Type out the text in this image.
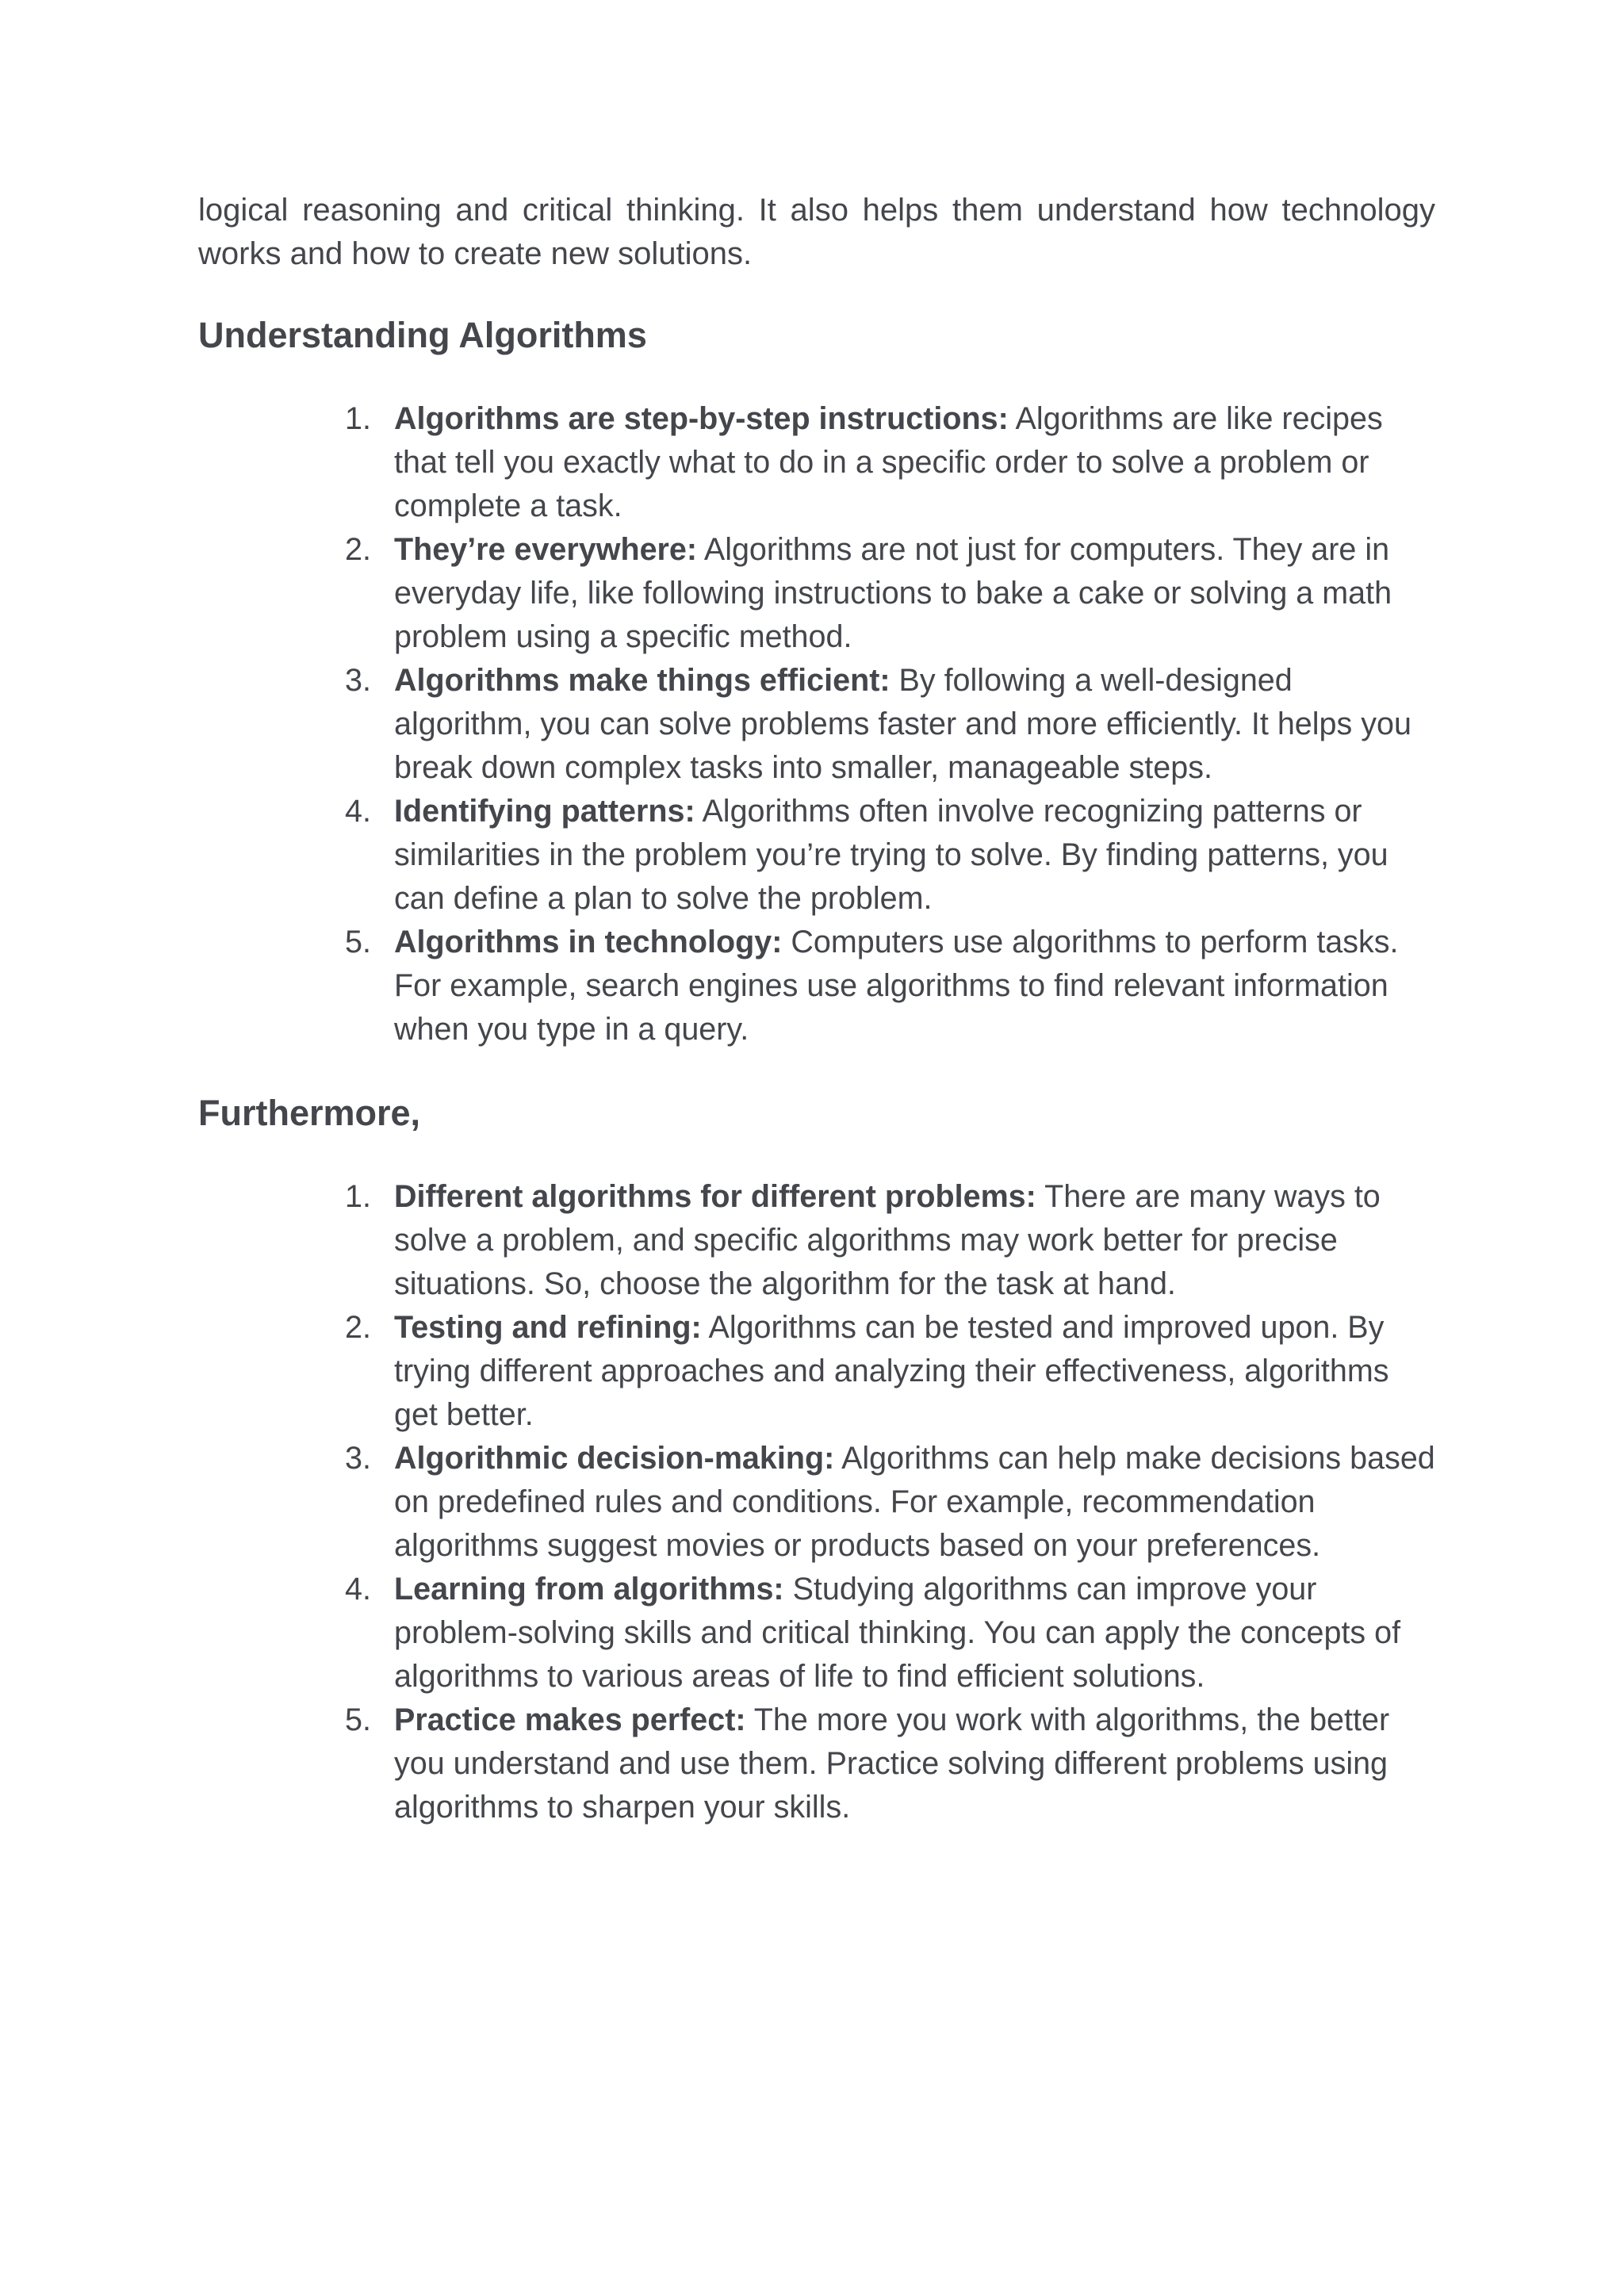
logical reasoning and critical thinking. It also helps them understand how technology works and how to create new solutions.

Understanding Algorithms
1. Algorithms are step-by-step instructions: Algorithms are like recipes that tell you exactly what to do in a specific order to solve a problem or complete a task.
2. They’re everywhere: Algorithms are not just for computers. They are in everyday life, like following instructions to bake a cake or solving a math problem using a specific method.
3. Algorithms make things efficient: By following a well-designed algorithm, you can solve problems faster and more efficiently. It helps you break down complex tasks into smaller, manageable steps.
4. Identifying patterns: Algorithms often involve recognizing patterns or similarities in the problem you’re trying to solve. By finding patterns, you can define a plan to solve the problem.
5. Algorithms in technology: Computers use algorithms to perform tasks. For example, search engines use algorithms to find relevant information when you type in a query.
Furthermore,
1. Different algorithms for different problems: There are many ways to solve a problem, and specific algorithms may work better for precise situations. So, choose the algorithm for the task at hand.
2. Testing and refining: Algorithms can be tested and improved upon. By trying different approaches and analyzing their effectiveness, algorithms get better.
3. Algorithmic decision-making: Algorithms can help make decisions based on predefined rules and conditions. For example, recommendation algorithms suggest movies or products based on your preferences.
4. Learning from algorithms: Studying algorithms can improve your problem-solving skills and critical thinking. You can apply the concepts of algorithms to various areas of life to find efficient solutions.
5. Practice makes perfect: The more you work with algorithms, the better you understand and use them. Practice solving different problems using algorithms to sharpen your skills.
